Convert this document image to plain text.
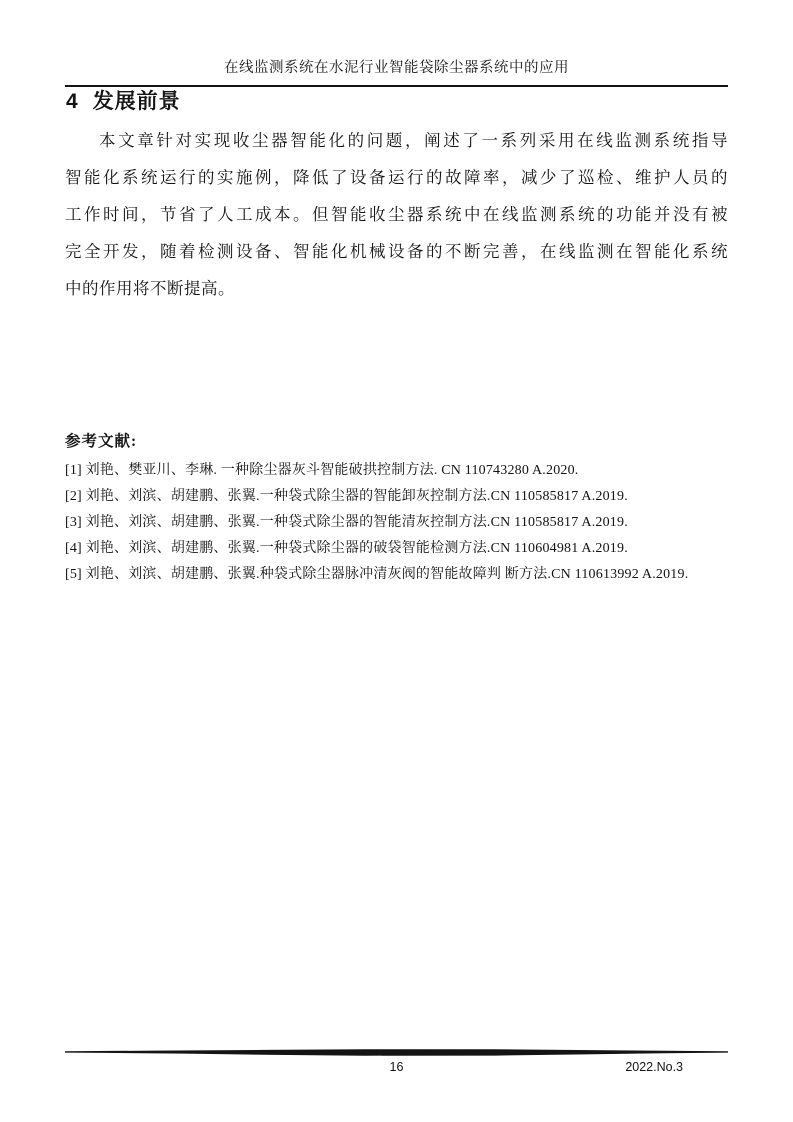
在线监测系统在水泥行业智能袋除尘器系统中的应用
4 发展前景
本文章针对实现收尘器智能化的问题，阐述了一系列采用在线监测系统指导
智能化系统运行的实施例，降低了设备运行的故障率，减少了巡检、维护人员的
工作时间，节省了人工成本。但智能收尘器系统中在线监测系统的功能并没有被
完全开发，随着检测设备、智能化机械设备的不断完善，在线监测在智能化系统
中的作用将不断提高。
参考文献:
[1] 刘艳、樊亚川、李琳. 一种除尘器灰斗智能破拱控制方法. CN 110743280 A.2020.
[2] 刘艳、刘滨、胡建鹏、张翼.一种袋式除尘器的智能卸灰控制方法.CN 110585817 A.2019.
[3] 刘艳、刘滨、胡建鹏、张翼.一种袋式除尘器的智能清灰控制方法.CN 110585817 A.2019.
[4] 刘艳、刘滨、胡建鹏、张翼.一种袋式除尘器的破袋智能检测方法.CN 110604981 A.2019.
[5] 刘艳、刘滨、胡建鹏、张翼.种袋式除尘器脉冲清灰阀的智能故障判 断方法.CN 110613992 A.2019.
16	2022.No.3
